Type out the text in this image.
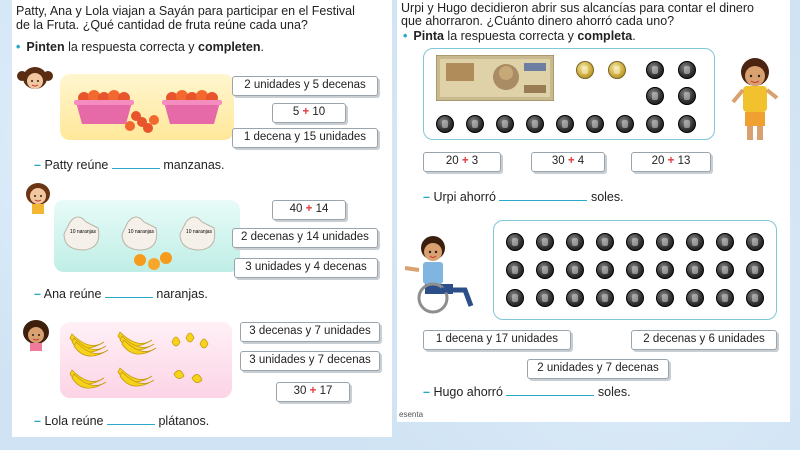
Patty, Ana y Lola viajan a Sayán para participar en el Festival
de la Fruta. ¿Qué cantidad de fruta reúne cada una?
• Pinten la respuesta correcta y completen.
2 unidades y 5 decenas
5 + 10
1 decena y 15 unidades
– Patty reúne	manzanas.
10 naranjas	10 naranjas	10 naranjas
40 + 14
2 decenas y 14 unidades
3 unidades y 4 decenas
– Ana reúne	naranjas.
3 decenas y 7 unidades
3 unidades y 7 decenas
30 + 17
– Lola reúne	plátanos.
Urpi y Hugo decidieron abrir sus alcancías para contar el dinero
que ahorraron. ¿Cuánto dinero ahorró cada uno?
• Pinta la respuesta correcta y completa.
20 + 3	30 + 4	20 + 13
– Urpi ahorró	soles.
1 decena y 17 unidades	2 decenas y 6 unidades
2 unidades y 7 decenas
– Hugo ahorró	soles.
esenta
